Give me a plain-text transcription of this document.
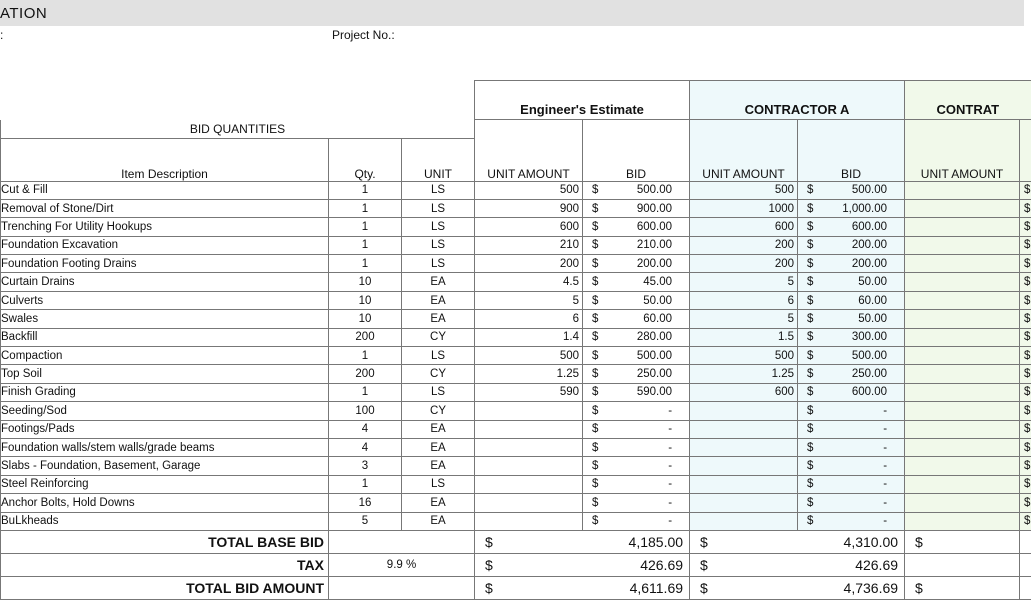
ATION
:	Project No.:
			Engineer's Estimate		CONTRACTOR A		CONTRAT	
BID QUANTITIES			UNIT AMOUNT	BID	UNIT AMOUNT	BID	UNIT AMOUNT	
Item Description	Qty.	UNIT						
Cut & Fill	1	LS	500	$ 500.00	500	$ 500.00		$
Removal of Stone/Dirt	1	LS	900	$ 900.00	1000	$ 1,000.00		$
Trenching For Utility Hookups	1	LS	600	$ 600.00	600	$ 600.00		$
Foundation Excavation	1	LS	210	$ 210.00	200	$ 200.00		$
Foundation Footing Drains	1	LS	200	$ 200.00	200	$ 200.00		$
Curtain Drains	10	EA	4.5	$ 45.00	5	$ 50.00		$
Culverts	10	EA	5	$ 50.00	6	$ 60.00		$
Swales	10	EA	6	$ 60.00	5	$ 50.00		$
Backfill	200	CY	1.4	$ 280.00	1.5	$ 300.00		$
Compaction	1	LS	500	$ 500.00	500	$ 500.00		$
Top Soil	200	CY	1.25	$ 250.00	1.25	$ 250.00		$
Finish Grading	1	LS	590	$ 590.00	600	$ 600.00		$
Seeding/Sod	100	CY		$ -		$ -		$
Footings/Pads	4	EA		$ -		$ -		$
Foundation walls/stem walls/grade beams	4	EA		$ -		$ -		$
Slabs - Foundation, Basement, Garage	3	EA		$ -		$ -		$
Steel Reinforcing	1	LS		$ -		$ -		$
Anchor Bolts, Hold Downs	16	EA		$ -		$ -		$
BuLkheads	5	EA		$ -		$ -		$
TOTAL BASE BID			$	4,185.00	$	4,310.00	$	
TAX	9.9 %		$	426.69	$	426.69		
TOTAL BID AMOUNT			$	4,611.69	$	4,736.69	$	
